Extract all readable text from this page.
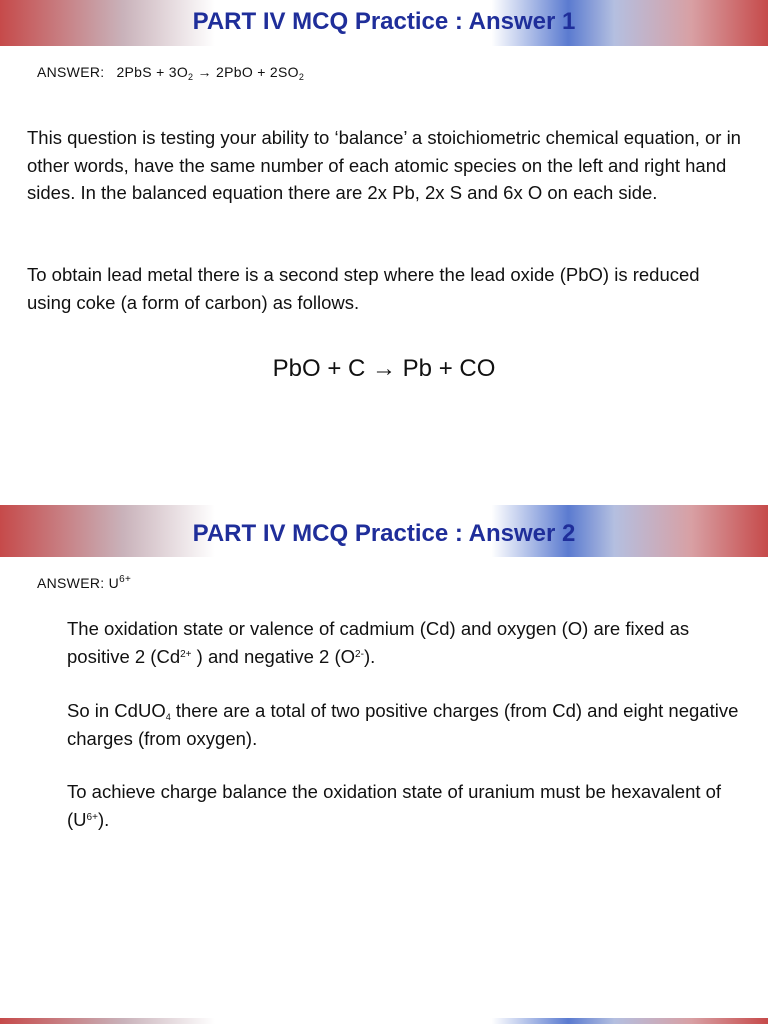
PART IV MCQ Practice : Answer 1
ANSWER: $2PbS + 3O_2 \to 2PbO + 2SO_2$

This question is testing your ability to ‘balance’ a stoichiometric chemical equation, or in other words, have the same number of each atomic species on the left and right hand sides. In the balanced equation there are 2x Pb, 2x S and 6x O on each side.

To obtain lead metal there is a second step where the lead oxide (PbO) is reduced using coke (a form of carbon) as follows.

PbO + C → Pb + CO
PART IV MCQ Practice : Answer 2
ANSWER: $U^{6+}$

The oxidation state or valence of cadmium (Cd) and oxygen (O) are fixed as positive 2 ($Cd^{2+}$ ) and negative 2 $(O^{2-})$.

So in CdUO$_4$ there are a total of two positive charges (from Cd) and eight negative charges (from oxygen).

To achieve charge balance the oxidation state of uranium must be hexavalent of $(U^{6+})$.
